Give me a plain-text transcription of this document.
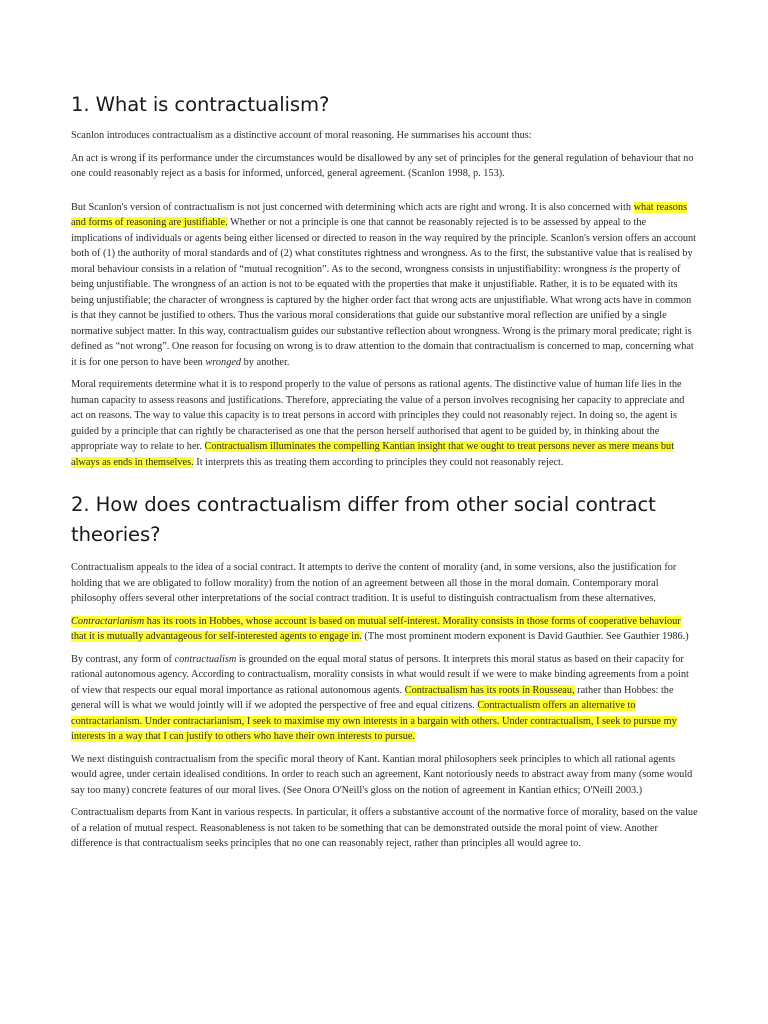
1. What is contractualism?

Scanlon introduces contractualism as a distinctive account of moral reasoning. He summarises his account thus:

An act is wrong if its performance under the circumstances would be disallowed by any set of principles for the general regulation of behaviour that no one could reasonably reject as a basis for informed, unforced, general agreement. (Scanlon 1998, p. 153).

But Scanlon's version of contractualism is not just concerned with determining which acts are right and wrong. It is also concerned with what reasons and forms of reasoning are justifiable. Whether or not a principle is one that cannot be reasonably rejected is to be assessed by appeal to the implications of individuals or agents being either licensed or directed to reason in the way required by the principle. Scanlon's version offers an account both of (1) the authority of moral standards and of (2) what constitutes rightness and wrongness. As to the first, the substantive value that is realised by moral behaviour consists in a relation of “mutual recognition”. As to the second, wrongness consists in unjustifiability: wrongness is the property of being unjustifiable. The wrongness of an action is not to be equated with the properties that make it unjustifiable. Rather, it is to be equated with its being unjustifiable; the character of wrongness is captured by the higher order fact that wrong acts are unjustifiable. What wrong acts have in common is that they cannot be justified to others. Thus the various moral considerations that guide our substantive moral reflection are unified by a single normative subject matter. In this way, contractualism guides our substantive reflection about wrongness. Wrong is the primary moral predicate; right is defined as “not wrong”. One reason for focusing on wrong is to draw attention to the domain that contractualism is concerned to map, concerning what it is for one person to have been wronged by another.

Moral requirements determine what it is to respond properly to the value of persons as rational agents. The distinctive value of human life lies in the human capacity to assess reasons and justifications. Therefore, appreciating the value of a person involves recognising her capacity to appreciate and act on reasons. The way to value this capacity is to treat persons in accord with principles they could not reasonably reject. In doing so, the agent is guided by a principle that can rightly be characterised as one that the person herself authorised that agent to be guided by, in thinking about the appropriate way to relate to her. Contractualism illuminates the compelling Kantian insight that we ought to treat persons never as mere means but always as ends in themselves. It interprets this as treating them according to principles they could not reasonably reject.

2. How does contractualism differ from other social contract theories?

Contractualism appeals to the idea of a social contract. It attempts to derive the content of morality (and, in some versions, also the justification for holding that we are obligated to follow morality) from the notion of an agreement between all those in the moral domain. Contemporary moral philosophy offers several other interpretations of the social contract tradition. It is useful to distinguish contractualism from these alternatives.

Contractarianism has its roots in Hobbes, whose account is based on mutual self-interest. Morality consists in those forms of cooperative behaviour that it is mutually advantageous for self-interested agents to engage in. (The most prominent modern exponent is David Gauthier. See Gauthier 1986.)

By contrast, any form of contractualism is grounded on the equal moral status of persons. It interprets this moral status as based on their capacity for rational autonomous agency. According to contractualism, morality consists in what would result if we were to make binding agreements from a point of view that respects our equal moral importance as rational autonomous agents. Contractualism has its roots in Rousseau, rather than Hobbes: the general will is what we would jointly will if we adopted the perspective of free and equal citizens. Contractualism offers an alternative to contractarianism. Under contractarianism, I seek to maximise my own interests in a bargain with others. Under contractualism, I seek to pursue my interests in a way that I can justify to others who have their own interests to pursue.

We next distinguish contractualism from the specific moral theory of Kant. Kantian moral philosophers seek principles to which all rational agents would agree, under certain idealised conditions. In order to reach such an agreement, Kant notoriously needs to abstract away from many (some would say too many) concrete features of our moral lives. (See Onora O'Neill's gloss on the notion of agreement in Kantian ethics; O'Neill 2003.)

Contractualism departs from Kant in various respects. In particular, it offers a substantive account of the normative force of morality, based on the value of a relation of mutual respect. Reasonableness is not taken to be something that can be demonstrated outside the moral point of view. Another difference is that contractualism seeks principles that no one can reasonably reject, rather than principles all would agree to.
